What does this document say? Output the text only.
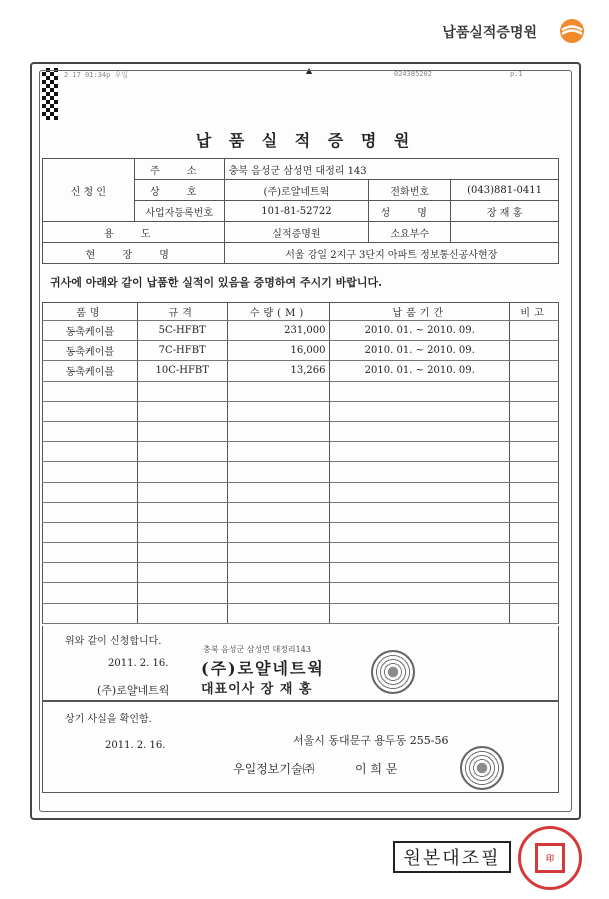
납품실적증명원
2 17 01:34p 우일	024385202	p.1
▲
납 품 실 적 증 명 원
신 청 인	주 소	충북 음성군 삼성면 대정리 143		
	상 호	(주)로얄네트웍	전화번호	(043)881-0411
	사업자등록번호	101-81-52722	성 명	장 재 홍
용 도		실적증명원	소요부수	
현 장 명		서울 강일 2지구 3단지 아파트 정보통신공사현장		
귀사에 아래와 같이 납품한 실적이 있음을 증명하여 주시기 바랍니다.
품명	규격	수량(M)	납품기간	비고
동축케이블	5C-HFBT	231,000	2010. 01. ~ 2010. 09.	
동축케이블	7C-HFBT	16,000	2010. 01. ~ 2010. 09.	
동축케이블	10C-HFBT	13,266	2010. 01. ~ 2010. 09.	

위와 같이 신청합니다.
충북 음성군 삼성면 대정리143
2011. 2. 16. (주)로얄네트웍
(주)로얄네트웍 대표이사 장 재 홍
상기 사실을 확인함.
2011. 2. 16.	서울시 동대문구 용두동 255-56
우일정보기술㈜	이 희 문
원본대조필	印
